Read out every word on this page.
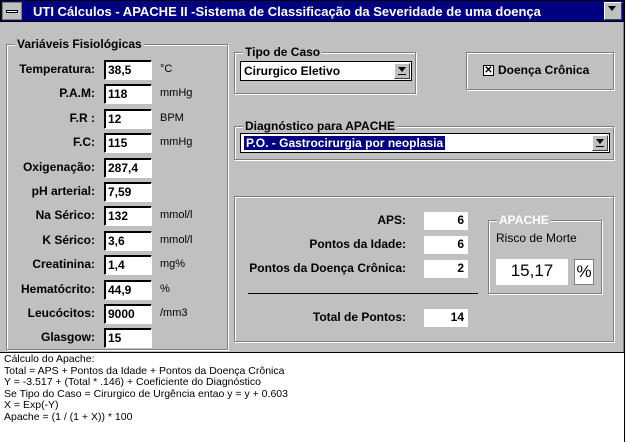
UTI Cálculos - APACHE II -Sistema de Classificação da Severidade de uma doença
Variáveis Fisiológicas
Temperatura:	38,5	°C
P.A.M:	118	mmHg
F.R :	12	BPM
F.C:	115	mmHg
Oxigenação:	287,4
pH arterial:	7,59
Na Sérico:	132	mmol/l
K Sérico:	3,6	mmol/l
Creatinina:	1,4	mg%
Hematócrito:	44,9	%
Leucócitos:	9000	/mm3
Glasgow:	15
Tipo de Caso
Cirurgico Eletivo	✕ Doença Crônica
Diagnóstico para APACHE
P.O. - Gastrocirurgia por neoplasia
APS:	6
Pontos da Idade:	6
Pontos da Doença Crônica:	2
Total de Pontos:	14
APACHE
Risco de Morte
15,17	%
Cálculo do Apache:
Total = APS + Pontos da Idade + Pontos da Doença Crônica
Y = -3.517 + (Total * .146) + Coeficiente do Diagnóstico
Se Tipo do Caso = Cirurgico de Urgência entao y = y + 0.603
X = Exp(-Y)
Apache = (1 / (1 + X)) * 100
